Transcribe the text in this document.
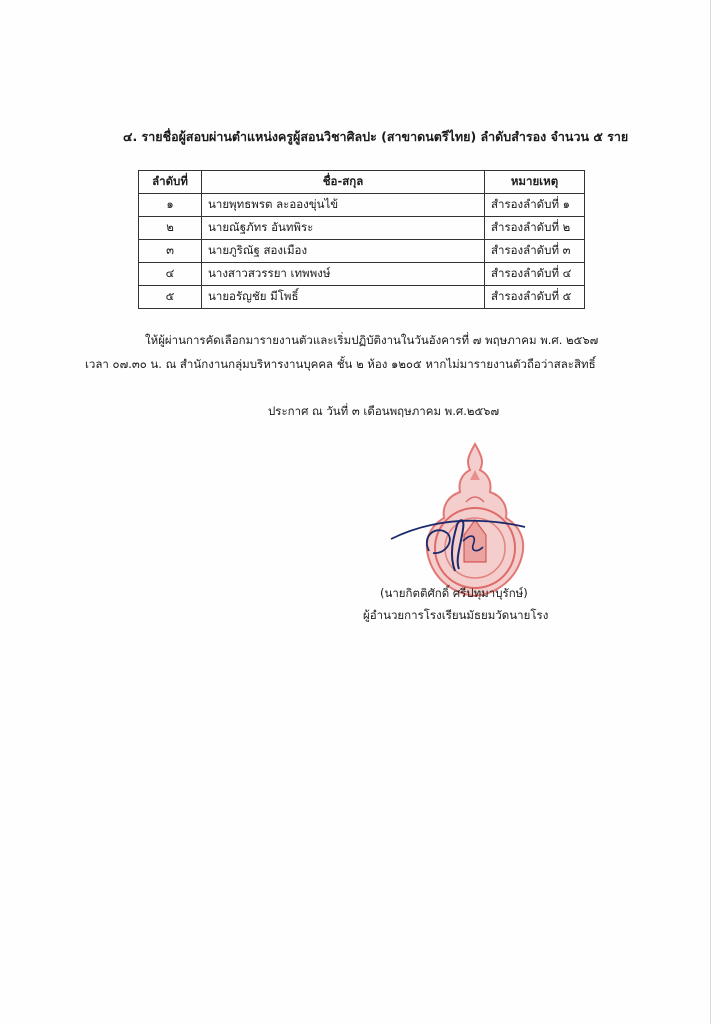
๔. รายชื่อผู้สอบผ่านตำแหน่งครูผู้สอนวิชาศิลปะ (สาขาดนตรีไทย) ลำดับสำรอง จำนวน ๕ ราย
ลำดับที่	ชื่อ-สกุล	หมายเหตุ
๑	นายพุทธพรต ละอองขุ่นไข้	สำรองลำดับที่ ๑
๒	นายณัฐภัทร อันทพิระ	สำรองลำดับที่ ๒
๓	นายภูริณัฐ สองเมือง	สำรองลำดับที่ ๓
๔	นางสาวสวรรยา เทพพงษ์	สำรองลำดับที่ ๔
๕	นายอรัญชัย มีโพธิ์	สำรองลำดับที่ ๕
ให้ผู้ผ่านการคัดเลือกมารายงานตัวและเริ่มปฏิบัติงานในวันอังคารที่ ๗ พฤษภาคม พ.ศ. ๒๕๖๗
เวลา ๐๗.๓๐ น. ณ สำนักงานกลุ่มบริหารงานบุคคล ชั้น ๒ ห้อง ๑๒๐๕ หากไม่มารายงานตัวถือว่าสละสิทธิ์
ประกาศ ณ วันที่ ๓ เดือนพฤษภาคม พ.ศ.๒๕๖๗
(นายกิตติศักดิ์ ศรีปทุมาบุรักษ์)
ผู้อำนวยการโรงเรียนมัธยมวัดนายโรง
